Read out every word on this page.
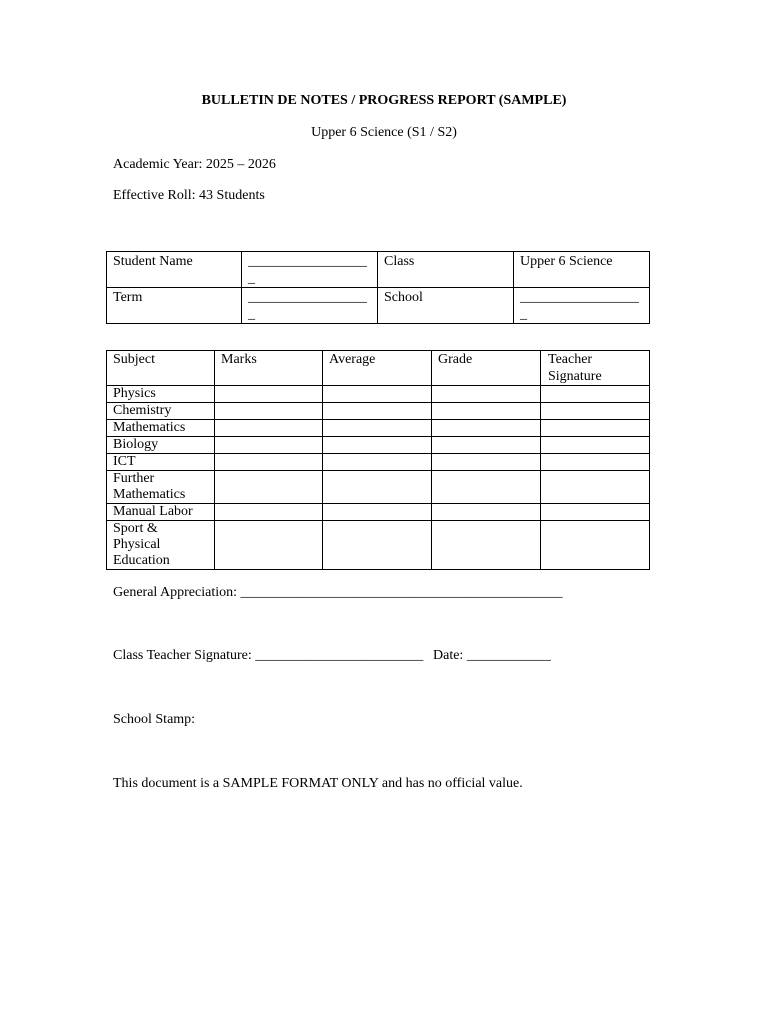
BULLETIN DE NOTES / PROGRESS REPORT (SAMPLE)
Upper 6 Science (S1 / S2)
Academic Year: 2025 – 2026
Effective Roll: 43 Students
Student Name	__________________	Class	Upper 6 Science
Term	__________________	School	__________________
Subject	Marks	Average	Grade	Teacher Signature
Physics				
Chemistry				
Mathematics				
Biology				
ICT				
Further Mathematics				
Manual Labor				
Sport & Physical Education				
General Appreciation: ______________________________________________
Class Teacher Signature: ________________________ Date: ____________
School Stamp:
This document is a SAMPLE FORMAT ONLY and has no official value.
